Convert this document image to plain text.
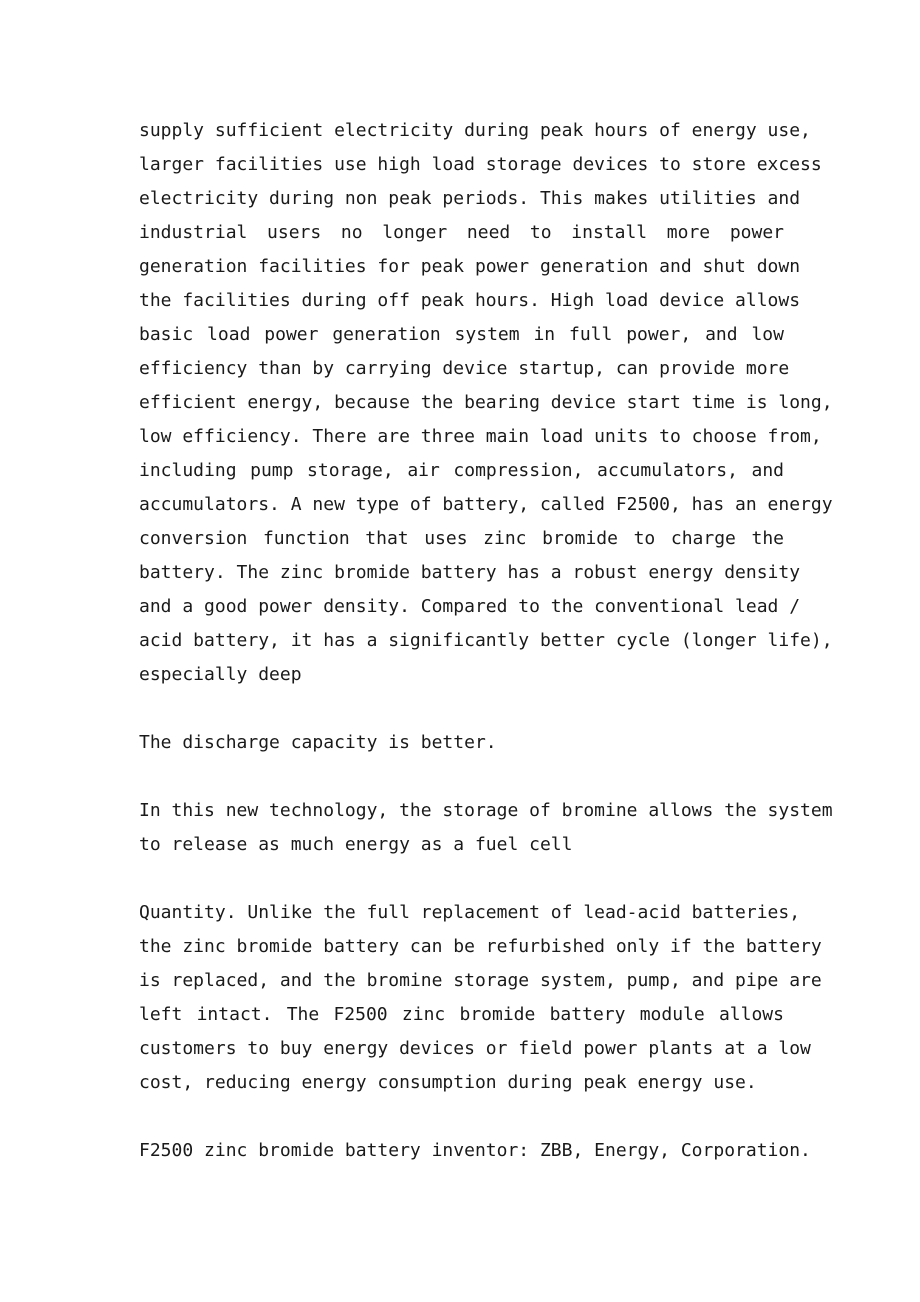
supply sufficient electricity during peak hours of energy use,
larger facilities use high load storage devices to store excess
electricity during non peak periods. This makes utilities and
industrial users no longer need to install more power
generation facilities for peak power generation and shut down
the facilities during off peak hours. High load device allows
basic load power generation system in full power, and low
efficiency than by carrying device startup, can provide more
efficient energy, because the bearing device start time is long,
low efficiency. There are three main load units to choose from,
including pump storage, air compression, accumulators, and
accumulators. A new type of battery, called F2500, has an energy
conversion function that uses zinc bromide to charge the
battery. The zinc bromide battery has a robust energy density
and a good power density. Compared to the conventional lead /
acid battery, it has a significantly better cycle (longer life),
especially deep
The discharge capacity is better.
In this new technology, the storage of bromine allows the system
to release as much energy as a fuel cell
Quantity. Unlike the full replacement of lead-acid batteries,
the zinc bromide battery can be refurbished only if the battery
is replaced, and the bromine storage system, pump, and pipe are
left intact. The F2500 zinc bromide battery module allows
customers to buy energy devices or field power plants at a low
cost, reducing energy consumption during peak energy use.
F2500 zinc bromide battery inventor: ZBB, Energy, Corporation.
